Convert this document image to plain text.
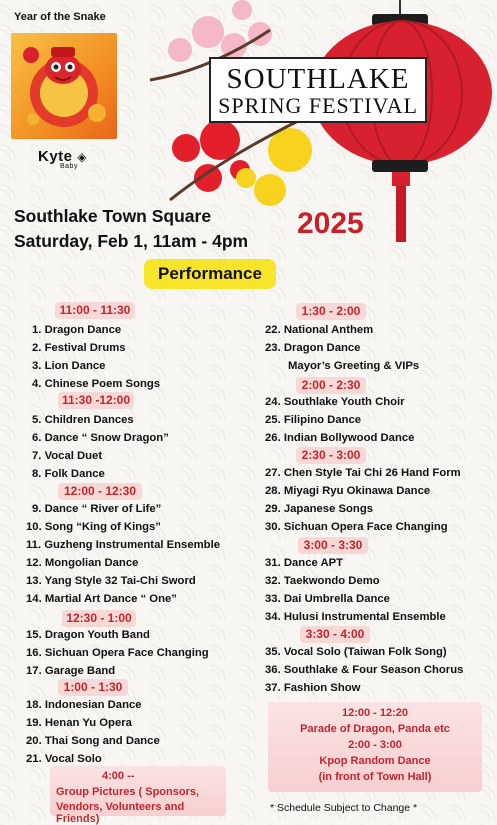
Year of the Snake
Kyte ◈
Baby
SOUTHLAKE
SPRING FESTIVAL
2025
Southlake Town Square
Saturday, Feb 1, 11am - 4pm
Performance
11:00 - 11:30
1. Dragon Dance
2. Festival Drums
3. Lion Dance
4. Chinese Poem Songs
11:30 -12:00
5. Children Dances
6. Dance “ Snow Dragon”
7. Vocal Duet
8. Folk Dance
12:00 - 12:30
9. Dance “ River of Life”
10. Song “King of Kings”
11. Guzheng Instrumental Ensemble
12. Mongolian Dance
13. Yang Style 32 Tai-Chi Sword
14. Martial Art Dance “ One”
12:30 - 1:00
15. Dragon Youth Band
16. Sichuan Opera Face Changing
17. Garage Band
1:00 - 1:30
18. Indonesian Dance
19. Henan Yu Opera
20. Thai Song and Dance
21. Vocal Solo
1:30 - 2:00
22. National Anthem
23. Dragon Dance
Mayor’s Greeting & VIPs
2:00 - 2:30
24. Southlake Youth Choir
25. Filipino Dance
26. Indian Bollywood Dance
2:30 - 3:00
27. Chen Style Tai Chi 26 Hand Form
28. Miyagi Ryu Okinawa Dance
29. Japanese Songs
30. Sichuan Opera Face Changing
3:00 - 3:30
31. Dance APT
32. Taekwondo Demo
33. Dai Umbrella Dance
34. Hulusi Instrumental Ensemble
3:30 - 4:00
35. Vocal Solo (Taiwan Folk Song)
36. Southlake & Four Season Chorus
37. Fashion Show
12:00 - 12:20
Parade of Dragon, Panda etc
2:00 - 3:00
Kpop Random Dance
(in front of Town Hall)
4:00 --
Group Pictures ( Sponsors,
Vendors, Volunteers and Friends)
* Schedule Subject to Change *
